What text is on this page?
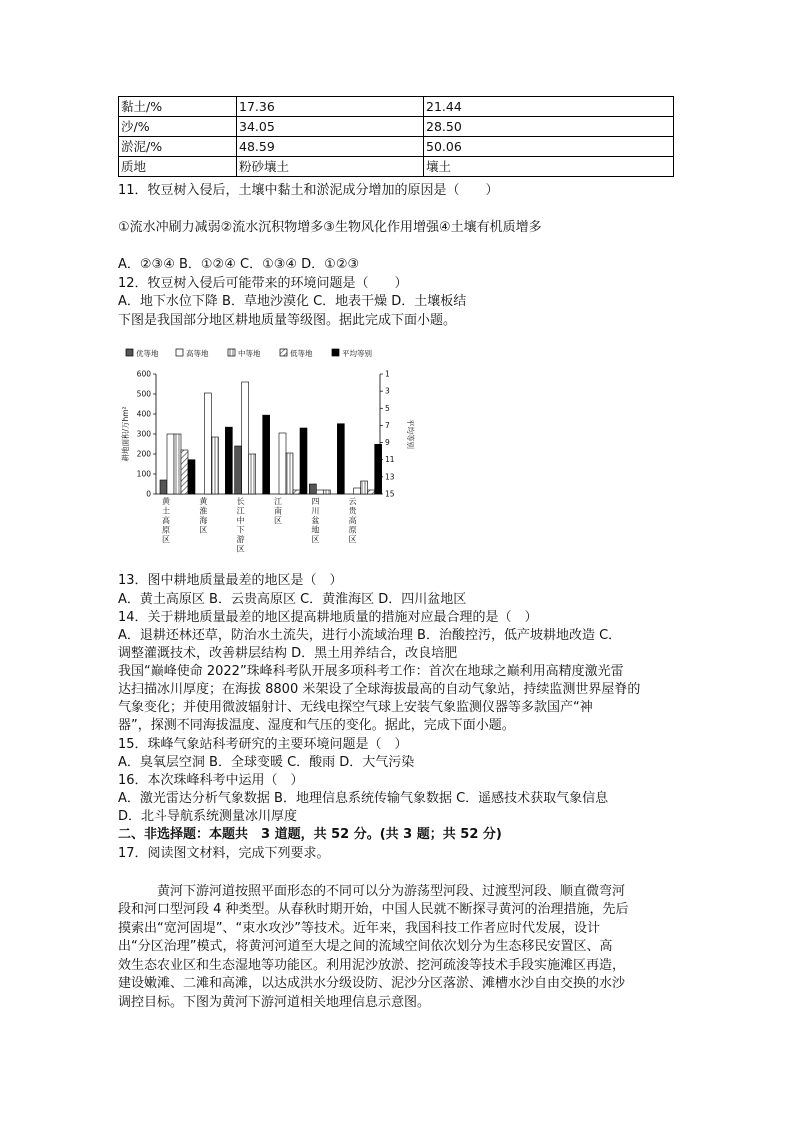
黏土/%	17.36	21.44
沙/%	34.05	28.50
淤泥/%	48.59	50.06
质地	粉砂壤土	壤土
11．牧豆树入侵后，土壤中黏土和淤泥成分增加的原因是（　　）
①流水冲刷力减弱②流水沉积物增多③生物风化作用增强④土壤有机质增多
A．②③④ B．①②④ C．①③④ D．①②③
12．牧豆树入侵后可能带来的环境问题是（　　）
A．地下水位下降 B．草地沙漠化 C．地表干燥 D．土壤板结
下图是我国部分地区耕地质量等级图。据此完成下面小题。
优等地	高等地	中等地	低等地	平均等别
0
100
200
300
400
500
600	1
3
5
7
9
11
13
15
耕地面积/万hm²	平均等别
黄土高原区
黄淮海区
长江中下游区
江南区
四川盆地区
云贵高原区
13．图中耕地质量最差的地区是（　）
A．黄土高原区 B．云贵高原区 C．黄淮海区 D．四川盆地区
14．关于耕地质量最差的地区提高耕地质量的措施对应最合理的是（　）
A．退耕还林还草，防治水土流失，进行小流域治理 B．治酸控汚，低产坡耕地改造 C．
调整灌溉技术，改善耕层结构 D．黑土用养结合，改良培肥
我国“巅峰使命 2022”珠峰科考队开展多项科考工作：首次在地球之巅利用高精度激光雷
达扫描冰川厚度；在海拔 8800 米架设了全球海拔最高的自动气象站，持续监测世界屋脊的
气象变化；并使用微波辐射计、无线电探空气球上安装气象监测仪器等多款国产“神
器”，探测不同海拔温度、湿度和气压的变化。据此，完成下面小题。
15．珠峰气象站科考研究的主要环境问题是（　）
A．臭氧层空洞 B．全球变暖 C．酸雨 D．大气污染
16．本次珠峰科考中运用（　）
A．激光雷达分析气象数据 B．地理信息系统传输气象数据 C．遥感技术获取气象信息
D．北斗导航系统测量冰川厚度
二、非选择题：本题共　3 道题，共 52 分。(共 3 题；共 52 分)
17．阅读图文材料，完成下列要求。
　　　黄河下游河道按照平面形态的不同可以分为游荡型河段、过渡型河段、顺直微弯河
段和河口型河段 4 种类型。从春秋时期开始，中国人民就不断探寻黄河的治理措施，先后
摸索出“宽河固堤”、“束水攻沙”等技术。近年来，我国科技工作者应时代发展，设计
出“分区治理”模式，将黄河河道至大堤之间的流域空间依次划分为生态移民安置区、高
效生态农业区和生态湿地等功能区。利用泥沙放淤、挖河疏浚等技术手段实施滩区再造，
建设嫩滩、二滩和高滩，以达成洪水分级设防、泥沙分区落淤、滩槽水沙自由交换的水沙
调控目标。下图为黄河下游河道相关地理信息示意图。
